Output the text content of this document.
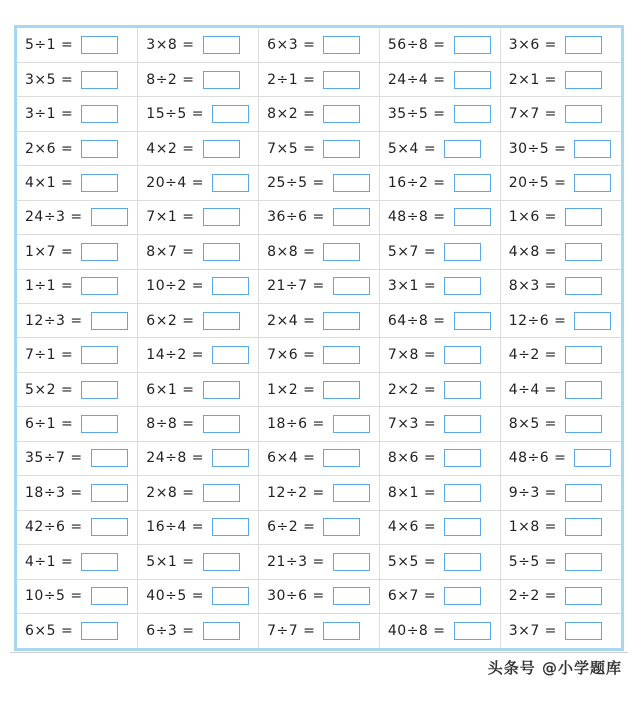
5÷1 =	3×8 =	6×3 =	56÷8 =	3×6 =
3×5 =	8÷2 =	2÷1 =	24÷4 =	2×1 =
3÷1 =	15÷5 =	8×2 =	35÷5 =	7×7 =
2×6 =	4×2 =	7×5 =	5×4 =	30÷5 =
4×1 =	20÷4 =	25÷5 =	16÷2 =	20÷5 =
24÷3 =	7×1 =	36÷6 =	48÷8 =	1×6 =
1×7 =	8×7 =	8×8 =	5×7 =	4×8 =
1÷1 =	10÷2 =	21÷7 =	3×1 =	8×3 =
12÷3 =	6×2 =	2×4 =	64÷8 =	12÷6 =
7÷1 =	14÷2 =	7×6 =	7×8 =	4÷2 =
5×2 =	6×1 =	1×2 =	2×2 =	4÷4 =
6÷1 =	8÷8 =	18÷6 =	7×3 =	8×5 =
35÷7 =	24÷8 =	6×4 =	8×6 =	48÷6 =
18÷3 =	2×8 =	12÷2 =	8×1 =	9÷3 =
42÷6 =	16÷4 =	6÷2 =	4×6 =	1×8 =
4÷1 =	5×1 =	21÷3 =	5×5 =	5÷5 =
10÷5 =	40÷5 =	30÷6 =	6×7 =	2÷2 =
6×5 =	6÷3 =	7÷7 =	40÷8 =	3×7 =
头条号 @小学题库
